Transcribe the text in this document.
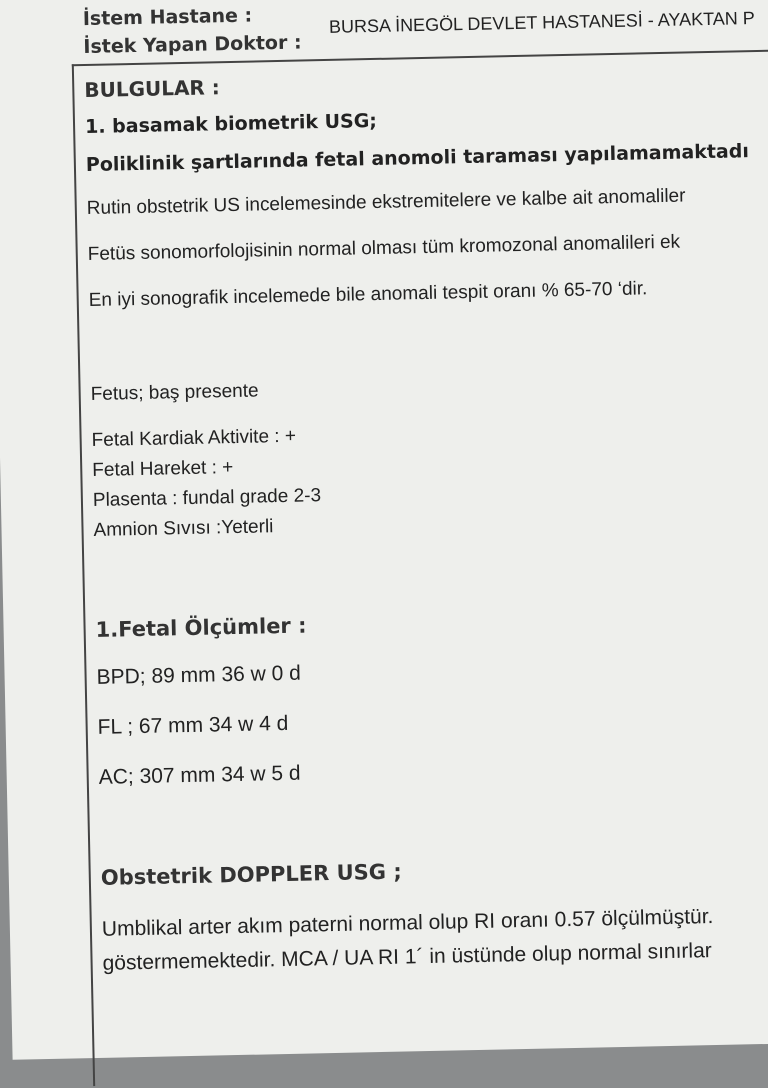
İstem Hastane :
İstek Yapan Doktor :
BURSA İNEGÖL DEVLET HASTANESİ - AYAKTAN P
BULGULAR :
1. basamak biometrik USG;
Poliklinik şartlarında fetal anomoli taraması yapılamamaktadı
Rutin obstetrik US incelemesinde ekstremitelere ve kalbe ait anomaliler
Fetüs sonomorfolojisinin normal olması tüm kromozonal anomalileri ek
En iyi sonografik incelemede bile anomali tespit oranı % 65-70 ‘dir.
Fetus; baş presente
Fetal Kardiak Aktivite : +
Fetal Hareket : +
Plasenta : fundal grade 2-3
Amnion Sıvısı :Yeterli
1.Fetal Ölçümler :
BPD; 89 mm 36 w 0 d
FL ; 67 mm 34 w 4 d
AC; 307 mm 34 w 5 d
Obstetrik DOPPLER USG ;
Umblikal arter akım paterni normal olup RI oranı 0.57 ölçülmüştür.
göstermemektedir. MCA / UA RI 1´ in üstünde olup normal sınırlar
